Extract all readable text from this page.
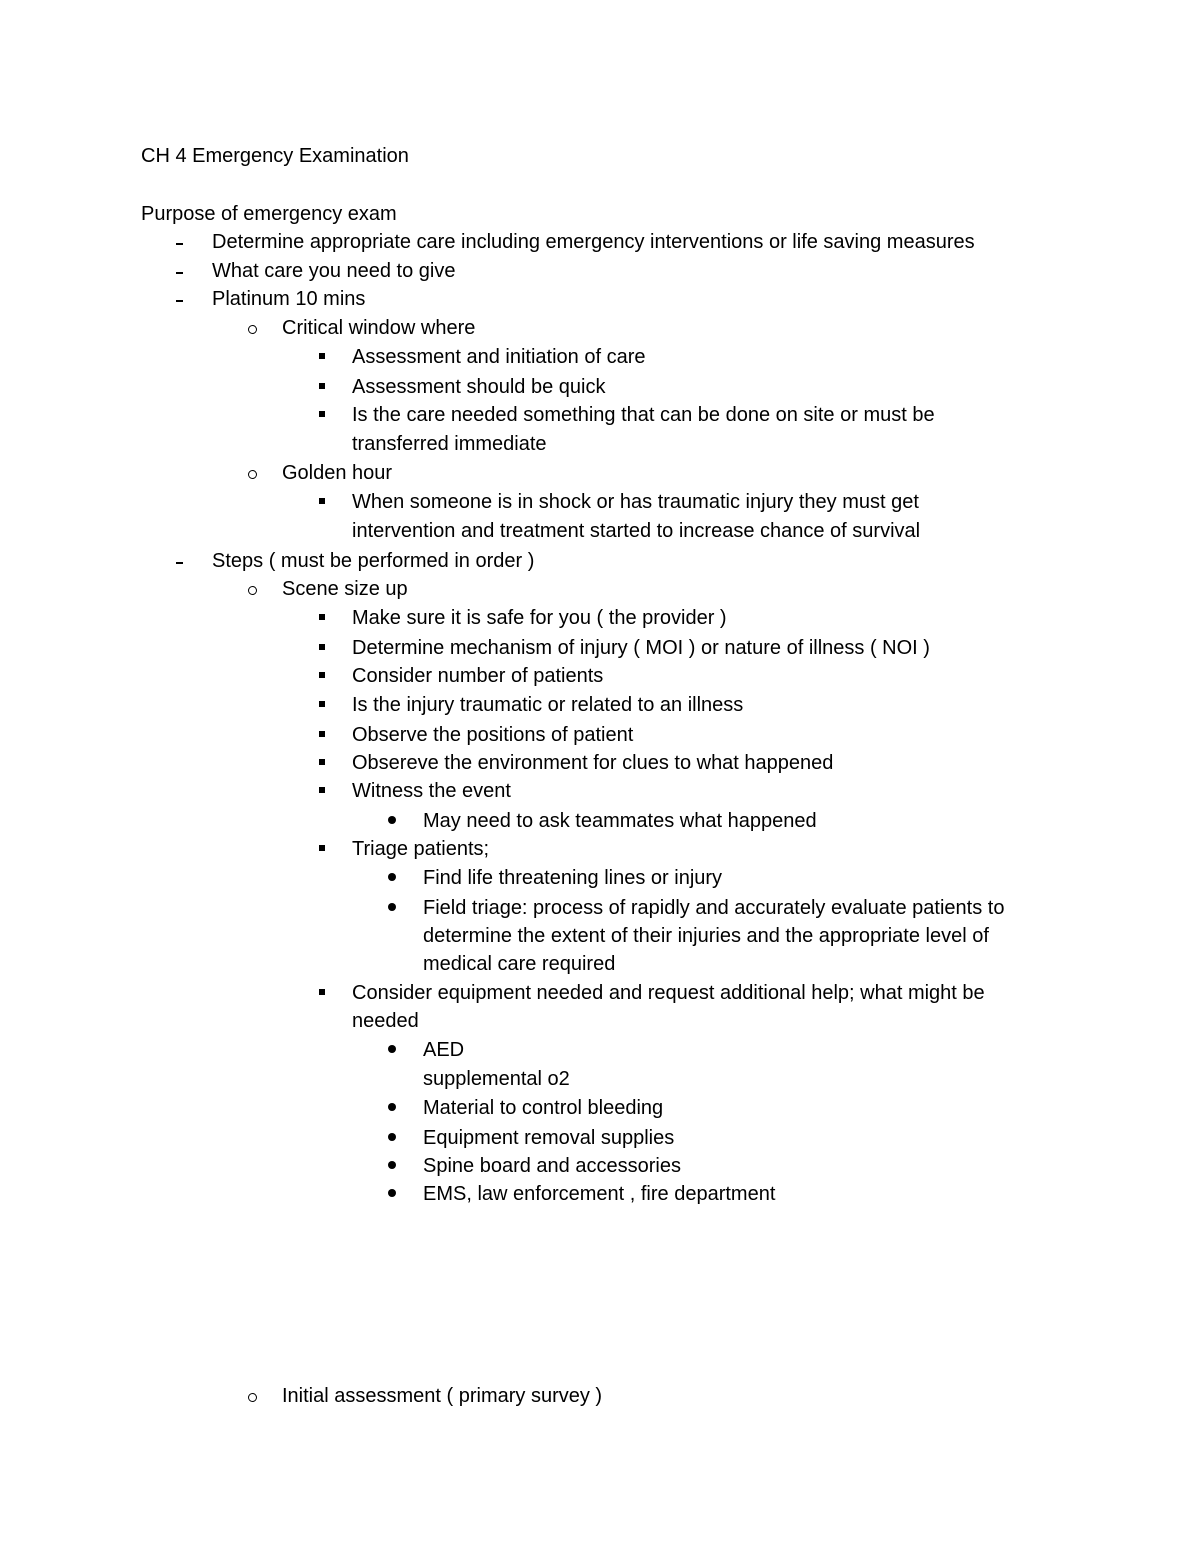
CH 4 Emergency Examination
Purpose of emergency exam
Determine appropriate care including emergency interventions or life saving measures
What care you need to give
Platinum 10 mins
Critical window where
Assessment and initiation of care
Assessment should be quick
Is the care needed something that can be done on site or must be
transferred immediate
Golden hour
When someone is in shock or has traumatic injury they must get
intervention and treatment started to increase chance of survival
Steps ( must be performed in order )
Scene size up
Make sure it is safe for you ( the provider )
Determine mechanism of injury ( MOI ) or nature of illness ( NOI )
Consider number of patients
Is the injury traumatic or related to an illness
Observe the positions of patient
Obsereve the environment for clues to what happened
Witness the event
May need to ask teammates what happened
Triage patients;
Find life threatening lines or injury
Field triage: process of rapidly and accurately evaluate patients to
determine the extent of their injuries and the appropriate level of
medical care required
Consider equipment needed and request additional help; what might be
needed
AED
supplemental o2
Material to control bleeding
Equipment removal supplies
Spine board and accessories
EMS, law enforcement , fire department
Initial assessment ( primary survey )
